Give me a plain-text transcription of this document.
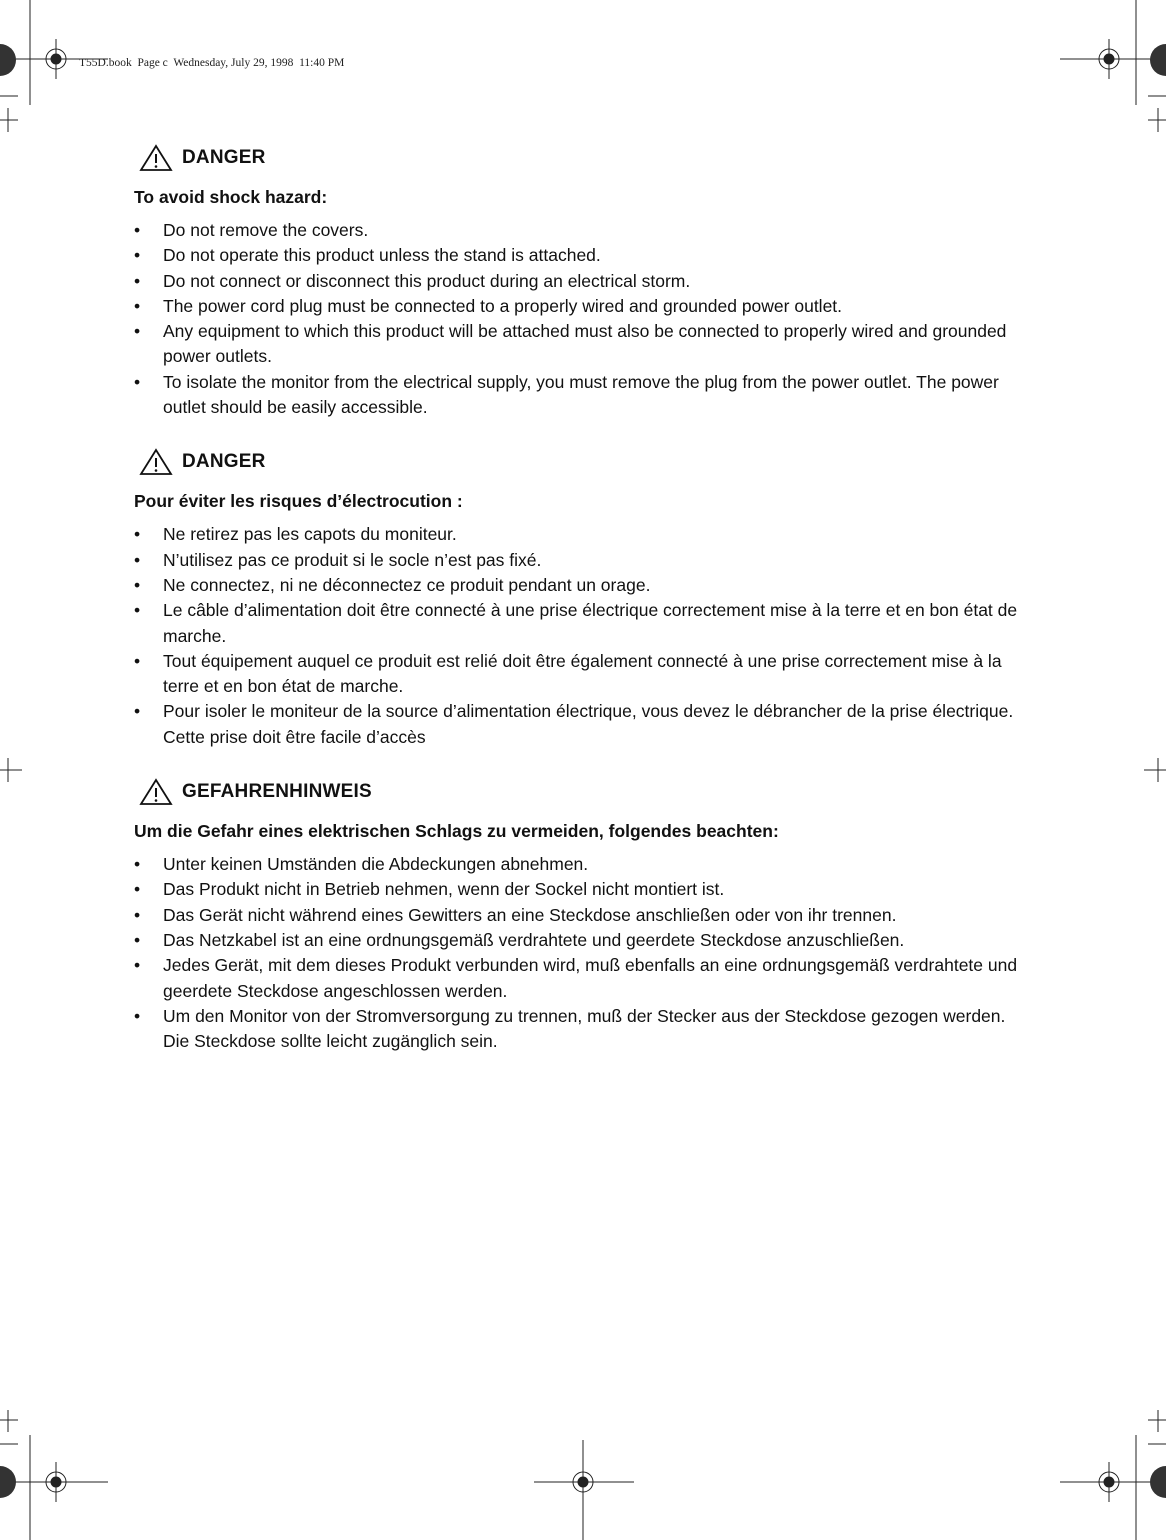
T55D.book  Page c  Wednesday, July 29, 1998  11:40 PM
DANGER
To avoid shock hazard:
• Do not remove the covers.
• Do not operate this product unless the stand is attached.
• Do not connect or disconnect this product during an electrical storm.
• The power cord plug must be connected to a properly wired and grounded power outlet.
• Any equipment to which this product will be attached must also be connected to properly wired and grounded power outlets.
• To isolate the monitor from the electrical supply, you must remove the plug from the power outlet. The power outlet should be easily accessible.
DANGER
Pour éviter les risques d’électrocution :
• Ne retirez pas les capots du moniteur.
• N’utilisez pas ce produit si le socle n’est pas fixé.
• Ne connectez, ni ne déconnectez ce produit pendant un orage.
• Le câble d’alimentation doit être connecté à une prise électrique correctement mise à la terre et en bon état de marche.
• Tout équipement auquel ce produit est relié doit être également connecté à une prise correctement mise à la terre et en bon état de marche.
• Pour isoler le moniteur de la source d’alimentation électrique, vous devez le débrancher de la prise électrique. Cette prise doit être facile d’accès
GEFAHRENHINWEIS
Um die Gefahr eines elektrischen Schlags zu vermeiden, folgendes beachten:
• Unter keinen Umständen die Abdeckungen abnehmen.
• Das Produkt nicht in Betrieb nehmen, wenn der Sockel nicht montiert ist.
• Das Gerät nicht während eines Gewitters an eine Steckdose anschließen oder von ihr trennen.
• Das Netzkabel ist an eine ordnungsgemäß verdrahtete und geerdete Steckdose anzuschließen.
• Jedes Gerät, mit dem dieses Produkt verbunden wird, muß ebenfalls an eine ordnungsgemäß verdrahtete und geerdete Steckdose angeschlossen werden.
• Um den Monitor von der Stromversorgung zu trennen, muß der Stecker aus der Steckdose gezogen werden. Die Steckdose sollte leicht zugänglich sein.
